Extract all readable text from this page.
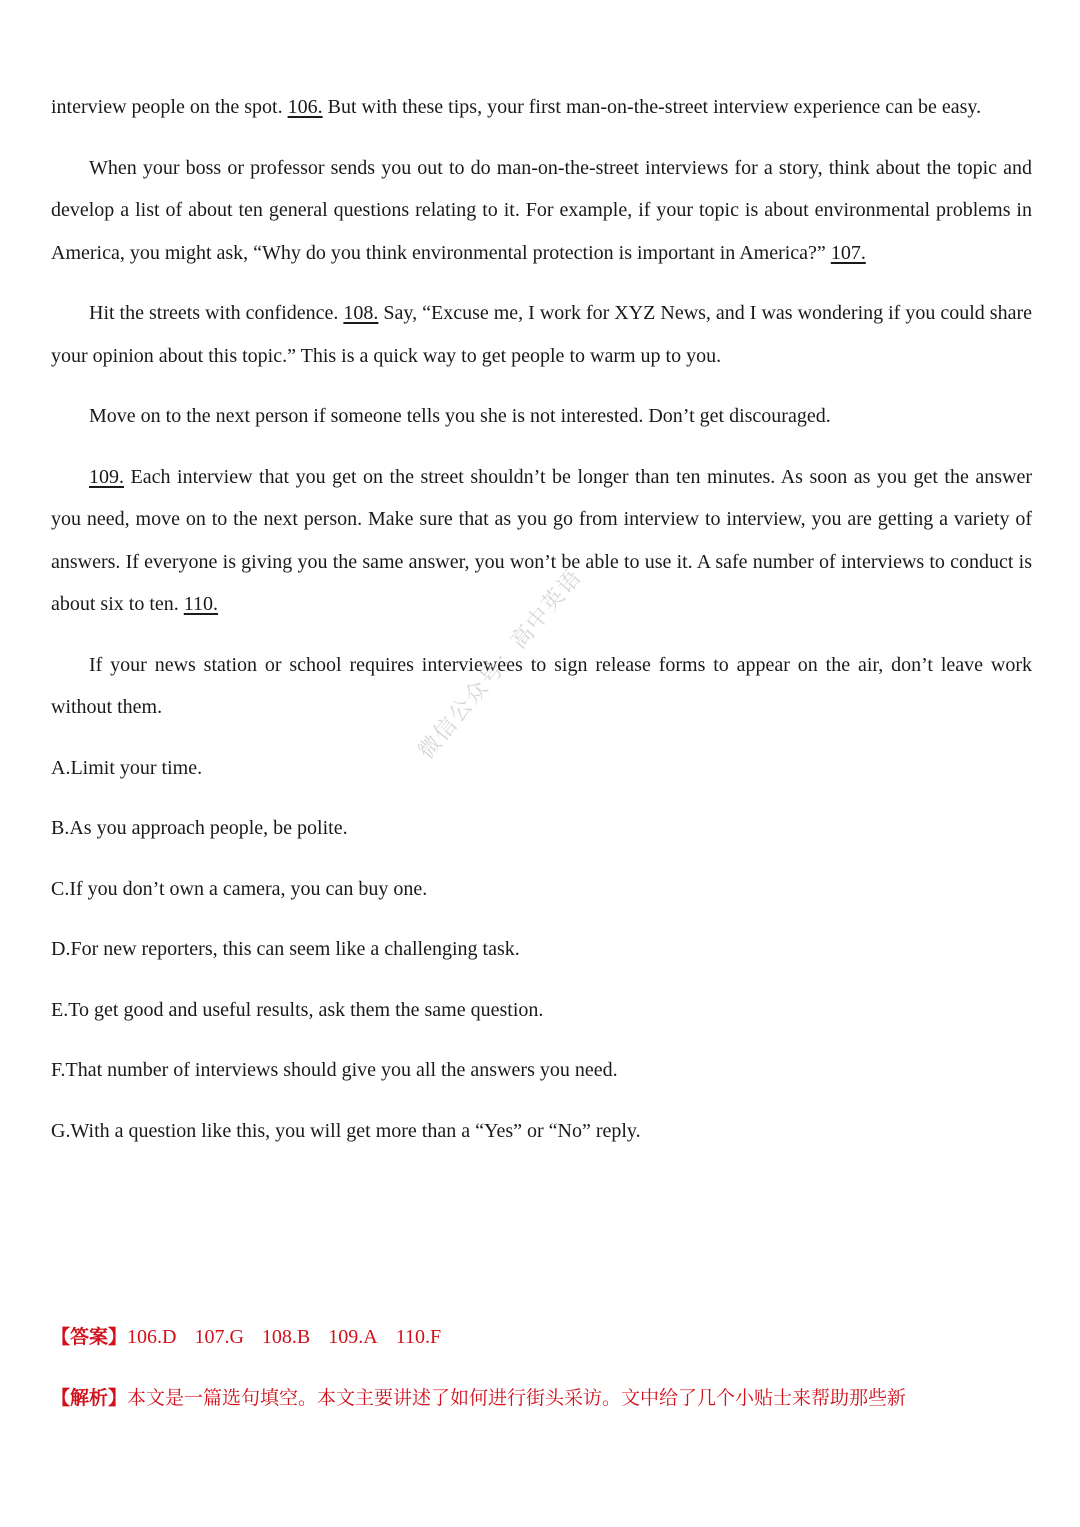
interview people on the spot. 106. But with these tips, your first man-on-the-street interview experience can be easy.

When your boss or professor sends you out to do man-on-the-street interviews for a story, think about the topic and develop a list of about ten general questions relating to it. For example, if your topic is about environmental problems in America, you might ask, “Why do you think environmental protection is important in America?” 107.

Hit the streets with confidence. 108. Say, “Excuse me, I work for XYZ News, and I was wondering if you could share your opinion about this topic.” This is a quick way to get people to warm up to you.

Move on to the next person if someone tells you she is not interested. Don’t get discouraged.

109. Each interview that you get on the street shouldn’t be longer than ten minutes. As soon as you get the answer you need, move on to the next person. Make sure that as you go from interview to interview, you are getting a variety of answers. If everyone is giving you the same answer, you won’t be able to use it. A safe number of interviews to conduct is about six to ten. 110.

If your news station or school requires interviewees to sign release forms to appear on the air, don’t leave work without them.

A.Limit your time.
B.As you approach people, be polite.
C.If you don’t own a camera, you can buy one.
D.For new reporters, this can seem like a challenging task.
E.To get good and useful results, ask them the same question.
F.That number of interviews should give you all the answers you need.
G.With a question like this, you will get more than a “Yes” or “No” reply.
【答案】106.D 107.G 108.B 109.A 110.F
【解析】本文是一篇选句填空。本文主要讲述了如何进行街头采访。文中给了几个小贴士来帮助那些新
微信公众号：高中英语
